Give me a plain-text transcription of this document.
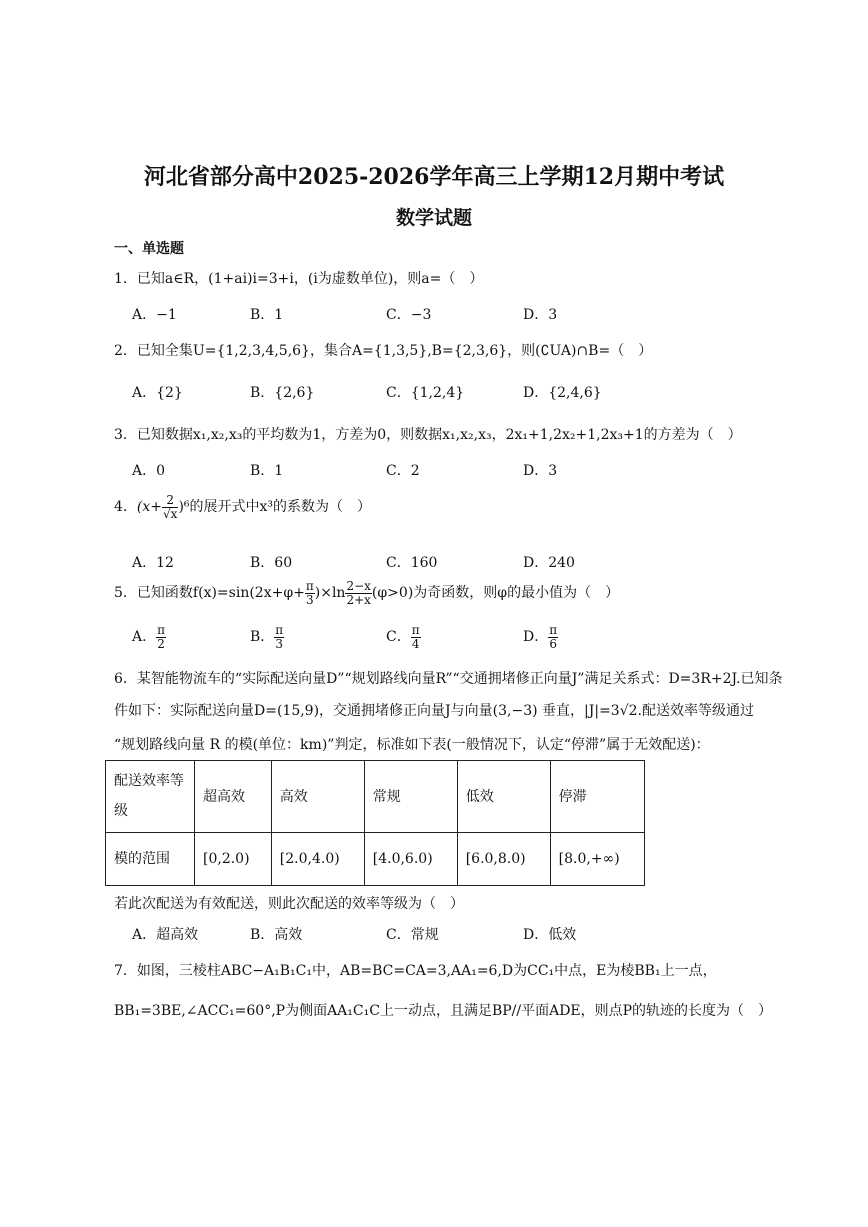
河北省部分高中2025-2026学年高三上学期12月期中考试
数学试题
一、单选题
1．已知a∈R，(1+ai)i=3+i，(i为虚数单位)，则a=（　）
A．−1	B．1	C．−3	D．3
2．已知全集U={1,2,3,4,5,6}，集合A={1,3,5},B={2,3,6}，则(∁UA)∩B=（　）
A．{2}	B．{2,6}	C．{1,2,4}	D．{2,4,6}
3．已知数据x₁,x₂,x₃的平均数为1，方差为0，则数据x₁,x₂,x₃，2x₁+1,2x₂+1,2x₃+1的方差为（　）
A．0	B．1	C．2	D．3
4．$(x+ \frac{2}{√x} )^6$的展开式中x³的系数为（　）
A．12	B．60	C．160	D．240
5．已知函数$f(x)=\sin(2x+\varphi+ \frac{\pi}{3} )\times\ln \frac{2-x}{2+x} (\varphi>0)$为奇函数，则φ的最小值为（　）
A． $\frac{\pi}{2}$	B． $\frac{\pi}{3}$	C． $\frac{\pi}{4}$	D． $\frac{\pi}{6}$
6．某智能物流车的“实际配送向量D”“规划路线向量R”“交通拥堵修正向量J”满足关系式：D=3R+2J.已知条
件如下：实际配送向量D=(15,9)，交通拥堵修正向量J与向量(3,−3) 垂直，|J|=3√2.配送效率等级通过
“规划路线向量 R 的模(单位：km)”判定，标准如下表(一般情况下，认定“停滞”属于无效配送)：
配送效率等级	超高效	高效	常规	低效	停滞
模的范围	[0,2.0)	[2.0,4.0)	[4.0,6.0)	[6.0,8.0)	[8.0,+∞)
若此次配送为有效配送，则此次配送的效率等级为（　）
A．超高效	B．高效	C．常规	D．低效
7．如图，三棱柱ABC−A₁B₁C₁中，AB=BC=CA=3,AA₁=6,D为CC₁中点，E为棱BB₁上一点，
BB₁=3BE,∠ACC₁=60°,P为侧面AA₁C₁C上一动点，且满足BP//平面ADE，则点P的轨迹的长度为（　）
